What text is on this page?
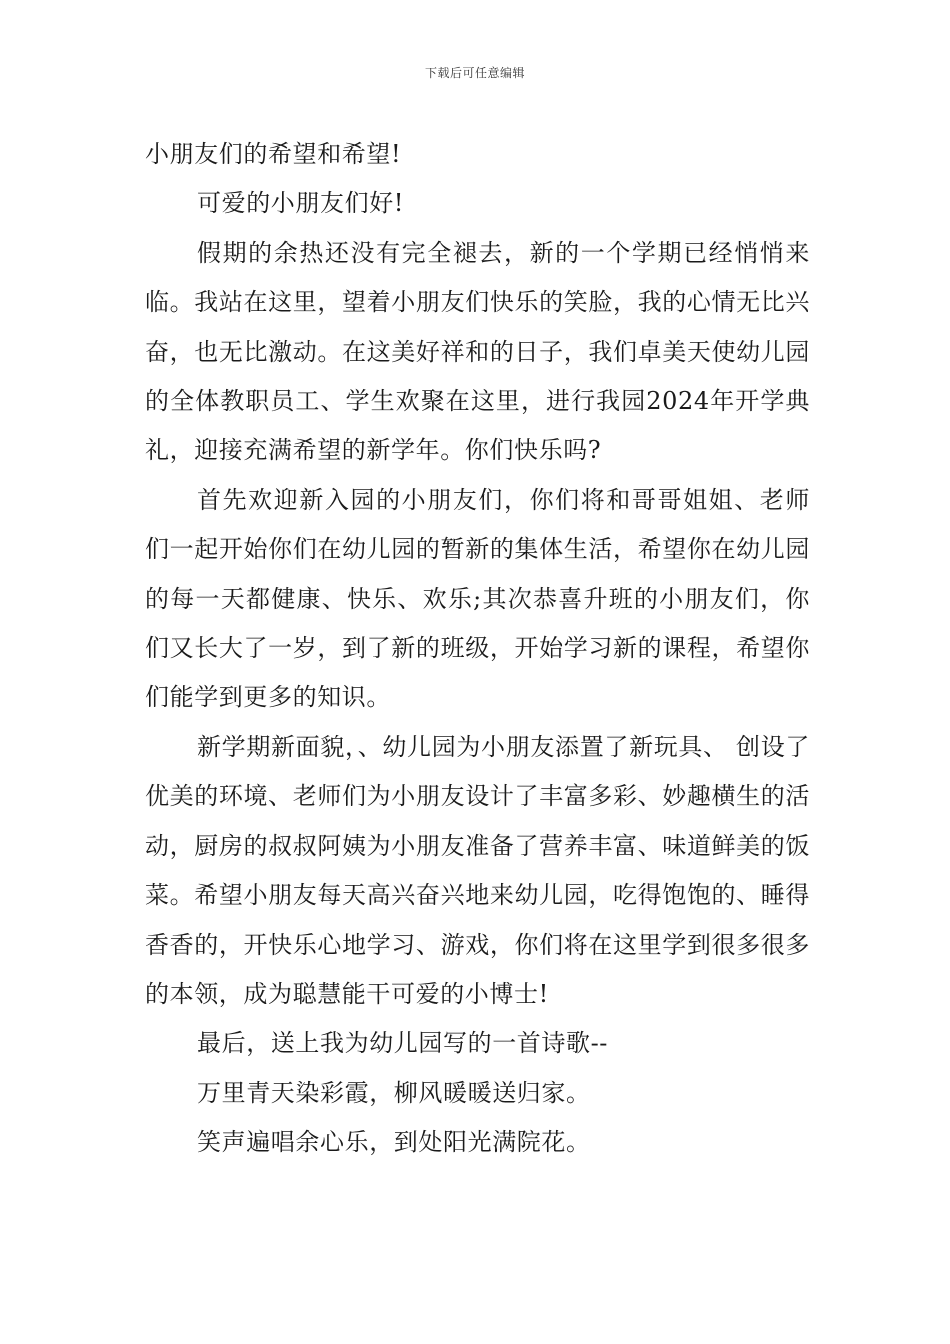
下载后可任意编辑

小朋友们的希望和希望!

可爱的小朋友们好!

假期的余热还没有完全褪去，新的一个学期已经悄悄来临。我站在这里，望着小朋友们快乐的笑脸，我的心情无比兴奋，也无比激动。在这美好祥和的日子，我们卓美天使幼儿园的全体教职员工、学生欢聚在这里，进行我园2024年开学典礼，迎接充满希望的新学年。你们快乐吗?

首先欢迎新入园的小朋友们，你们将和哥哥姐姐、老师们一起开始你们在幼儿园的暂新的集体生活，希望你在幼儿园的每一天都健康、快乐、欢乐;其次恭喜升班的小朋友们，你们又长大了一岁，到了新的班级，开始学习新的课程，希望你们能学到更多的知识。

新学期新面貌，、幼儿园为小朋友添置了新玩具、 创设了优美的环境、老师们为小朋友设计了丰富多彩、妙趣横生的活动，厨房的叔叔阿姨为小朋友准备了营养丰富、味道鲜美的饭菜。希望小朋友每天高兴奋兴地来幼儿园，吃得饱饱的、睡得香香的，开快乐心地学习、游戏，你们将在这里学到很多很多的本领，成为聪慧能干可爱的小博士!

最后，送上我为幼儿园写的一首诗歌--

万里青天染彩霞，柳风暖暖送归家。

笑声遍唱余心乐，到处阳光满院花。
